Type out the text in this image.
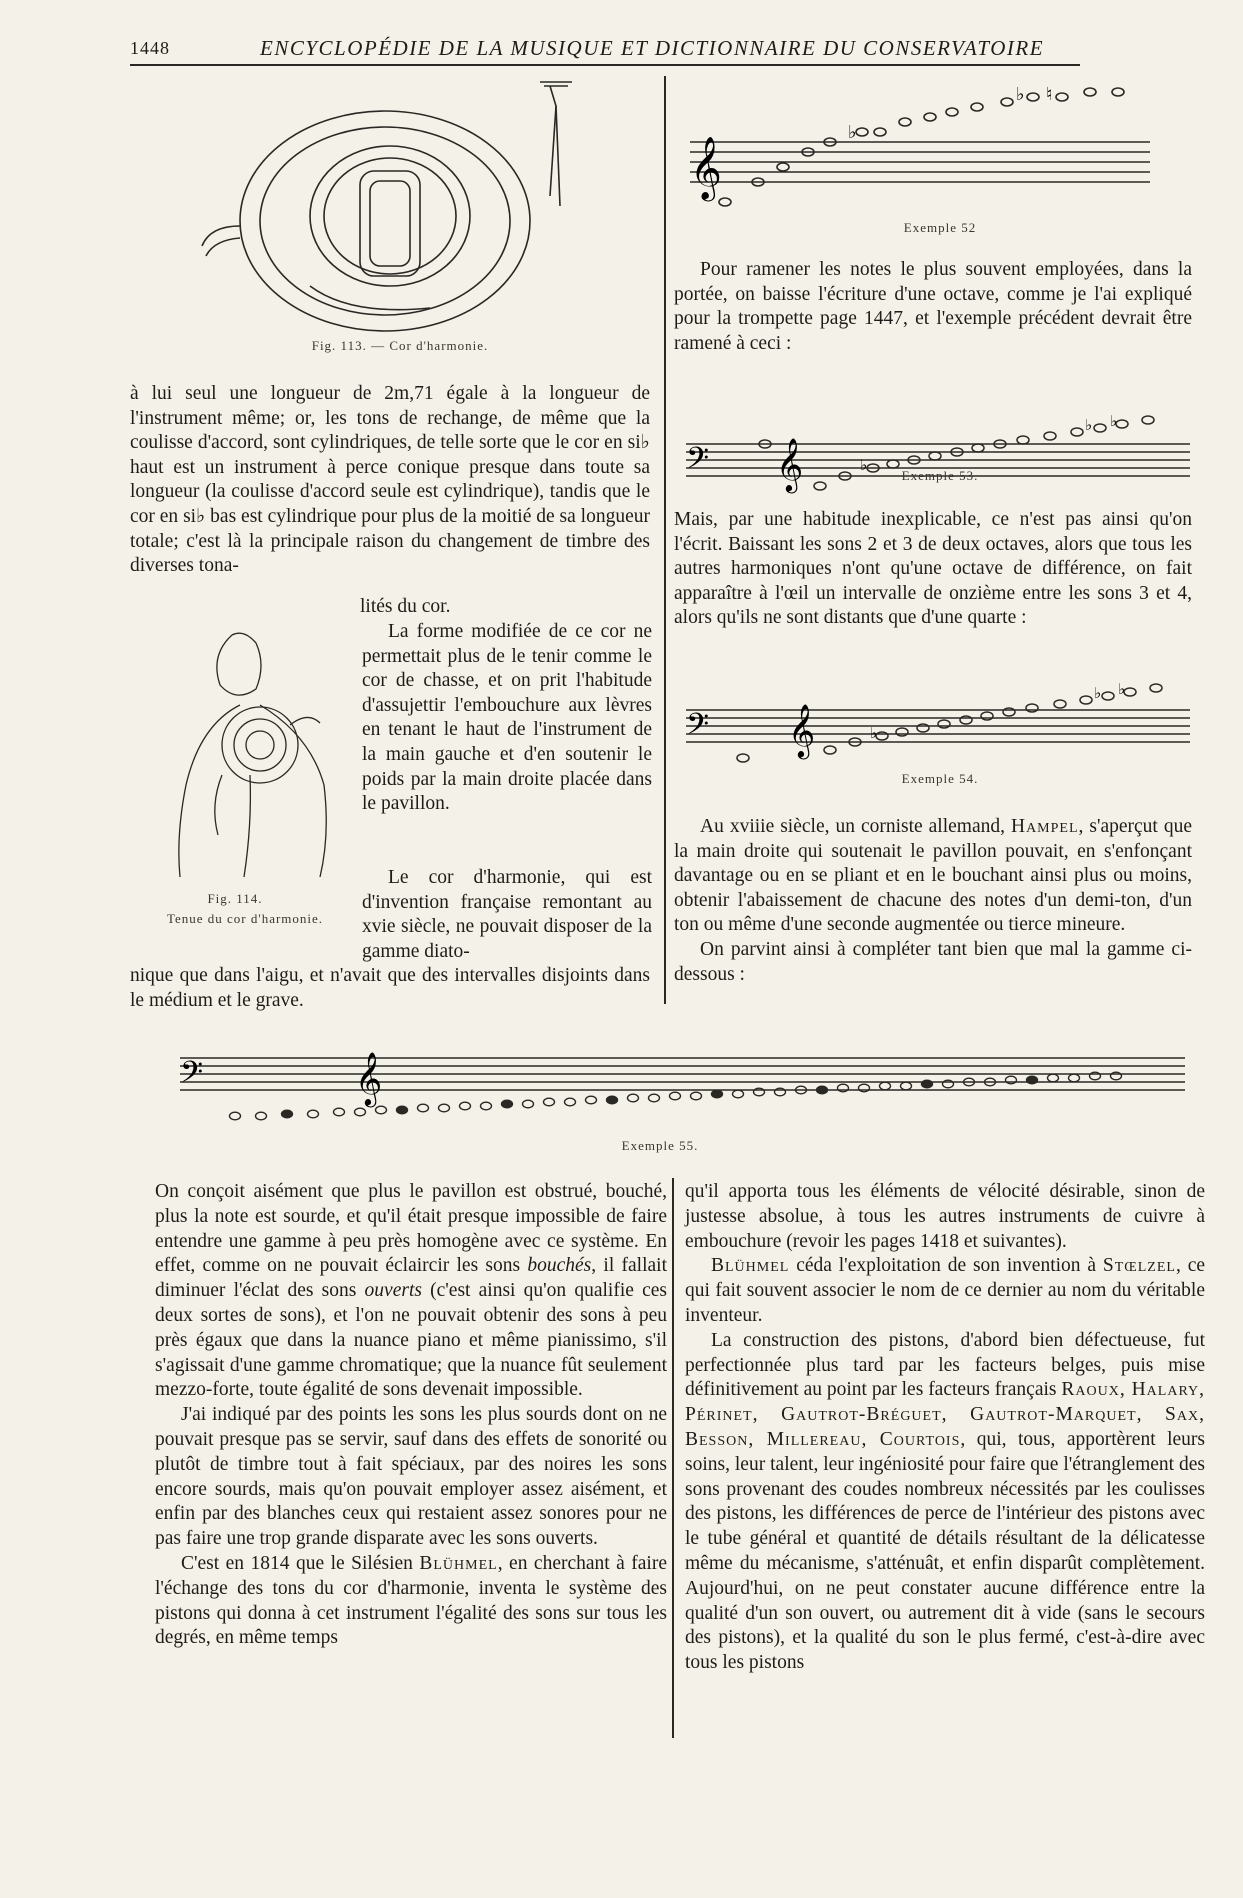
1448	ENCYCLOPÉDIE DE LA MUSIQUE ET DICTIONNAIRE DU CONSERVATOIRE
Fig. 113. — Cor d'harmonie.

à lui seul une longueur de 2m,71 égale à la longueur de l'instrument même; or, les tons de rechange, de même que la coulisse d'accord, sont cylindriques, de telle sorte que le cor en si♭ haut est un instrument à perce conique presque dans toute sa longueur (la coulisse d'accord seule est cylindrique), tandis que le cor en si♭ bas est cylindrique pour plus de la moitié de sa longueur totale; c'est là la principale raison du changement de timbre des diverses tona-

lités du cor.

Fig. 114.
Tenue du cor d'harmonie.

La forme modifiée de ce cor ne permettait plus de le tenir comme le cor de chasse, et on prit l'habitude d'assujettir l'embouchure aux lèvres en tenant le haut de l'instrument de la main gauche et d'en soutenir le poids par la main droite placée dans le pavillon.

Le cor d'harmonie, qui est d'invention française remontant au xvie siècle, ne pouvait disposer de la gamme diato-

nique que dans l'aigu, et n'avait que des intervalles disjoints dans le médium et le grave.

𝄞
♭
♭ ♮
Exemple 52

Pour ramener les notes le plus souvent employées, dans la portée, on baisse l'écriture d'une octave, comme je l'ai expliqué pour la trompette page 1447, et l'exemple précédent devrait être ramené à ceci :

𝄢 𝄞	♭
♭ ♭
Exemple 53.

Mais, par une habitude inexplicable, ce n'est pas ainsi qu'on l'écrit. Baissant les sons 2 et 3 de deux octaves, alors que tous les autres harmoniques n'ont qu'une octave de différence, on fait apparaître à l'œil un intervalle de onzième entre les sons 3 et 4, alors qu'ils ne sont distants que d'une quarte :

𝄢 𝄞	♭
♭ ♭
Exemple 54.

Au xviiie siècle, un corniste allemand, Hampel, s'aperçut que la main droite qui soutenait le pavillon pouvait, en s'enfonçant davantage ou en se pliant et en le bouchant ainsi plus ou moins, obtenir l'abaissement de chacune des notes d'un demi-ton, d'un ton ou même d'une seconde augmentée ou tierce mineure.

On parvint ainsi à compléter tant bien que mal la gamme ci-dessous :

𝄢	𝄞
Exemple 55.

On conçoit aisément que plus le pavillon est obstrué, bouché, plus la note est sourde, et qu'il était presque impossible de faire entendre une gamme à peu près homogène avec ce système. En effet, comme on ne pouvait éclaircir les sons bouchés, il fallait diminuer l'éclat des sons ouverts (c'est ainsi qu'on qualifie ces deux sortes de sons), et l'on ne pouvait obtenir des sons à peu près égaux que dans la nuance piano et même pianissimo, s'il s'agissait d'une gamme chromatique; que la nuance fût seulement mezzo-forte, toute égalité de sons devenait impossible.

J'ai indiqué par des points les sons les plus sourds dont on ne pouvait presque pas se servir, sauf dans des effets de sonorité ou plutôt de timbre tout à fait spéciaux, par des noires les sons encore sourds, mais qu'on pouvait employer assez aisément, et enfin par des blanches ceux qui restaient assez sonores pour ne pas faire une trop grande disparate avec les sons ouverts.

C'est en 1814 que le Silésien Blühmel, en cherchant à faire l'échange des tons du cor d'harmonie, inventa le système des pistons qui donna à cet instrument l'égalité des sons sur tous les degrés, en même temps

qu'il apporta tous les éléments de vélocité désirable, sinon de justesse absolue, à tous les autres instruments de cuivre à embouchure (revoir les pages 1418 et suivantes).

Blühmel céda l'exploitation de son invention à Stœlzel, ce qui fait souvent associer le nom de ce dernier au nom du véritable inventeur.

La construction des pistons, d'abord bien défectueuse, fut perfectionnée plus tard par les facteurs belges, puis mise définitivement au point par les facteurs français Raoux, Halary, Périnet, Gautrot-Bréguet, Gautrot-Marquet, Sax, Besson, Millereau, Courtois, qui, tous, apportèrent leurs soins, leur talent, leur ingéniosité pour faire que l'étranglement des sons provenant des coudes nombreux nécessités par les coulisses des pistons, les différences de perce de l'intérieur des pistons avec le tube général et quantité de détails résultant de la délicatesse même du mécanisme, s'atténuât, et enfin disparût complètement. Aujourd'hui, on ne peut constater aucune différence entre la qualité d'un son ouvert, ou autrement dit à vide (sans le secours des pistons), et la qualité du son le plus fermé, c'est-à-dire avec tous les pistons
